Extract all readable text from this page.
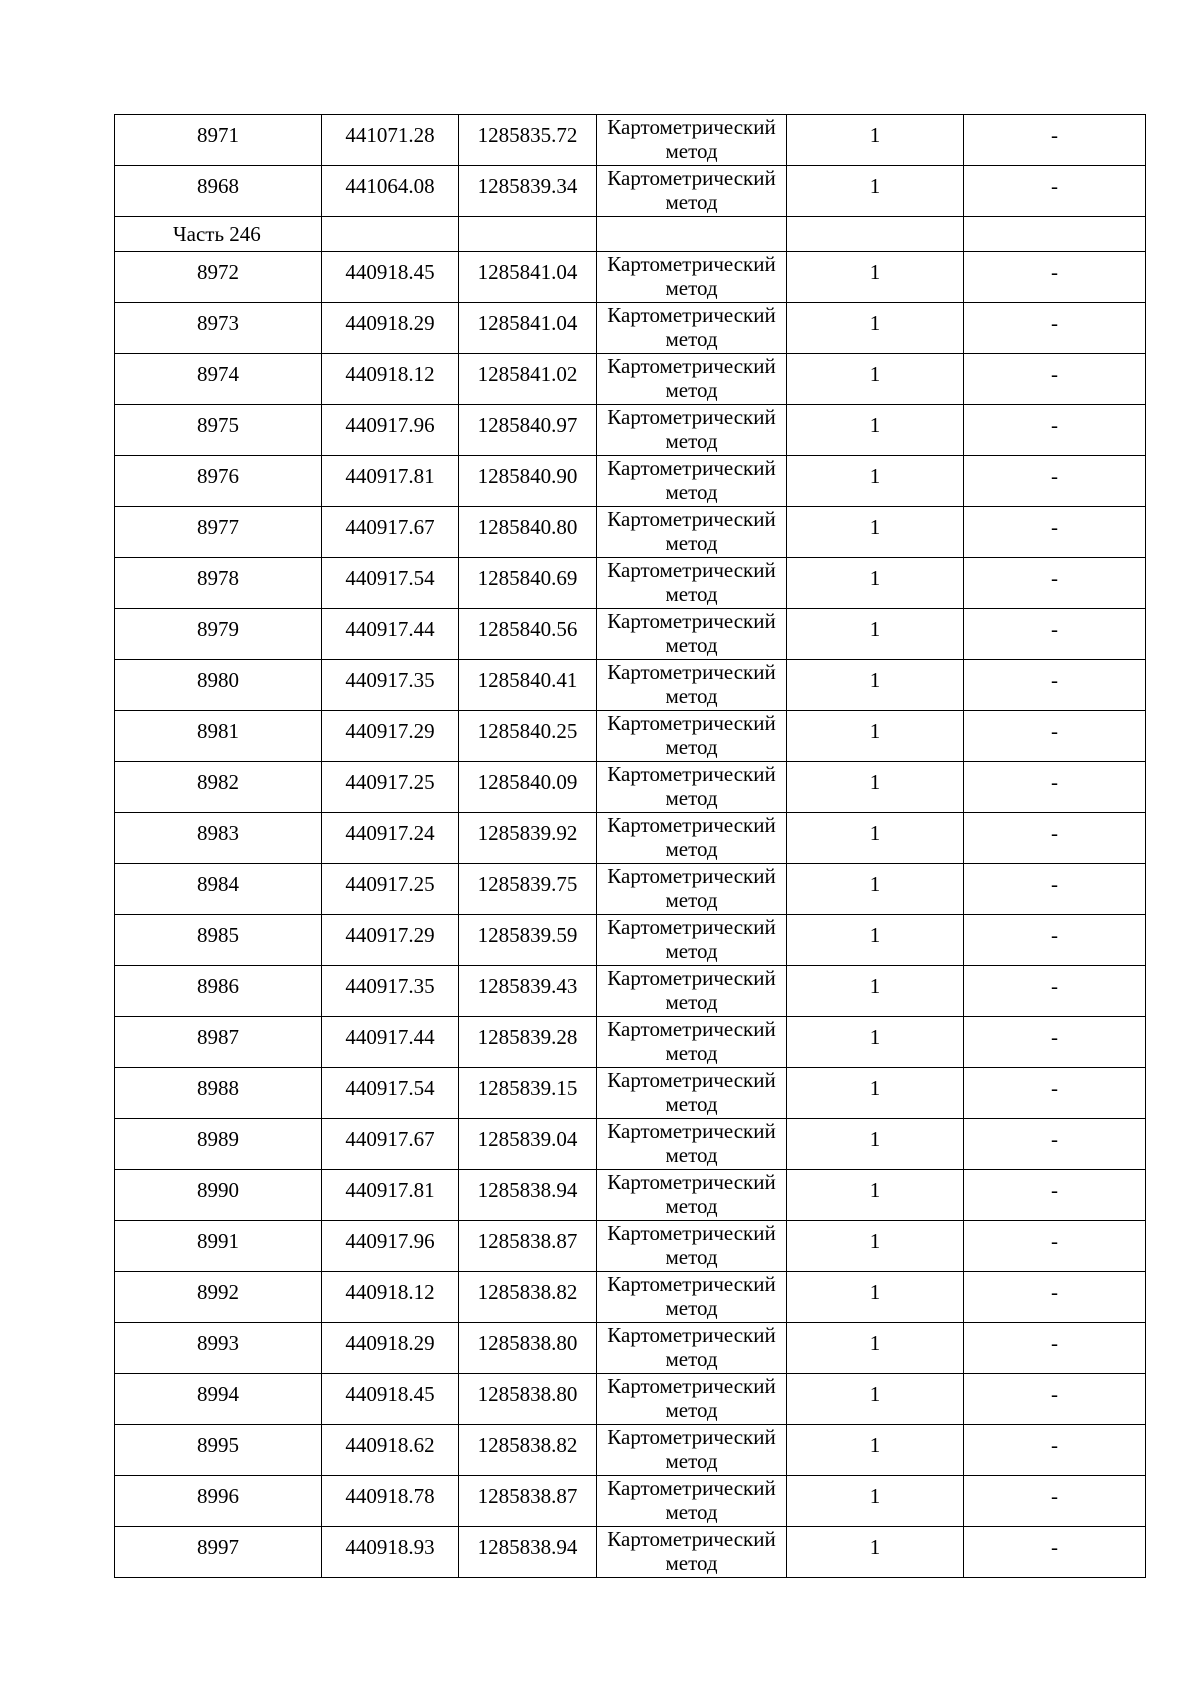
8971	441071.28	1285835.72	Картометрический
метод	1	-
8968	441064.08	1285839.34	Картометрический
метод	1	-
Часть 246					
8972	440918.45	1285841.04	Картометрический
метод	1	-
8973	440918.29	1285841.04	Картометрический
метод	1	-
8974	440918.12	1285841.02	Картометрический
метод	1	-
8975	440917.96	1285840.97	Картометрический
метод	1	-
8976	440917.81	1285840.90	Картометрический
метод	1	-
8977	440917.67	1285840.80	Картометрический
метод	1	-
8978	440917.54	1285840.69	Картометрический
метод	1	-
8979	440917.44	1285840.56	Картометрический
метод	1	-
8980	440917.35	1285840.41	Картометрический
метод	1	-
8981	440917.29	1285840.25	Картометрический
метод	1	-
8982	440917.25	1285840.09	Картометрический
метод	1	-
8983	440917.24	1285839.92	Картометрический
метод	1	-
8984	440917.25	1285839.75	Картометрический
метод	1	-
8985	440917.29	1285839.59	Картометрический
метод	1	-
8986	440917.35	1285839.43	Картометрический
метод	1	-
8987	440917.44	1285839.28	Картометрический
метод	1	-
8988	440917.54	1285839.15	Картометрический
метод	1	-
8989	440917.67	1285839.04	Картометрический
метод	1	-
8990	440917.81	1285838.94	Картометрический
метод	1	-
8991	440917.96	1285838.87	Картометрический
метод	1	-
8992	440918.12	1285838.82	Картометрический
метод	1	-
8993	440918.29	1285838.80	Картометрический
метод	1	-
8994	440918.45	1285838.80	Картометрический
метод	1	-
8995	440918.62	1285838.82	Картометрический
метод	1	-
8996	440918.78	1285838.87	Картометрический
метод	1	-
8997	440918.93	1285838.94	Картометрический
метод	1	-
